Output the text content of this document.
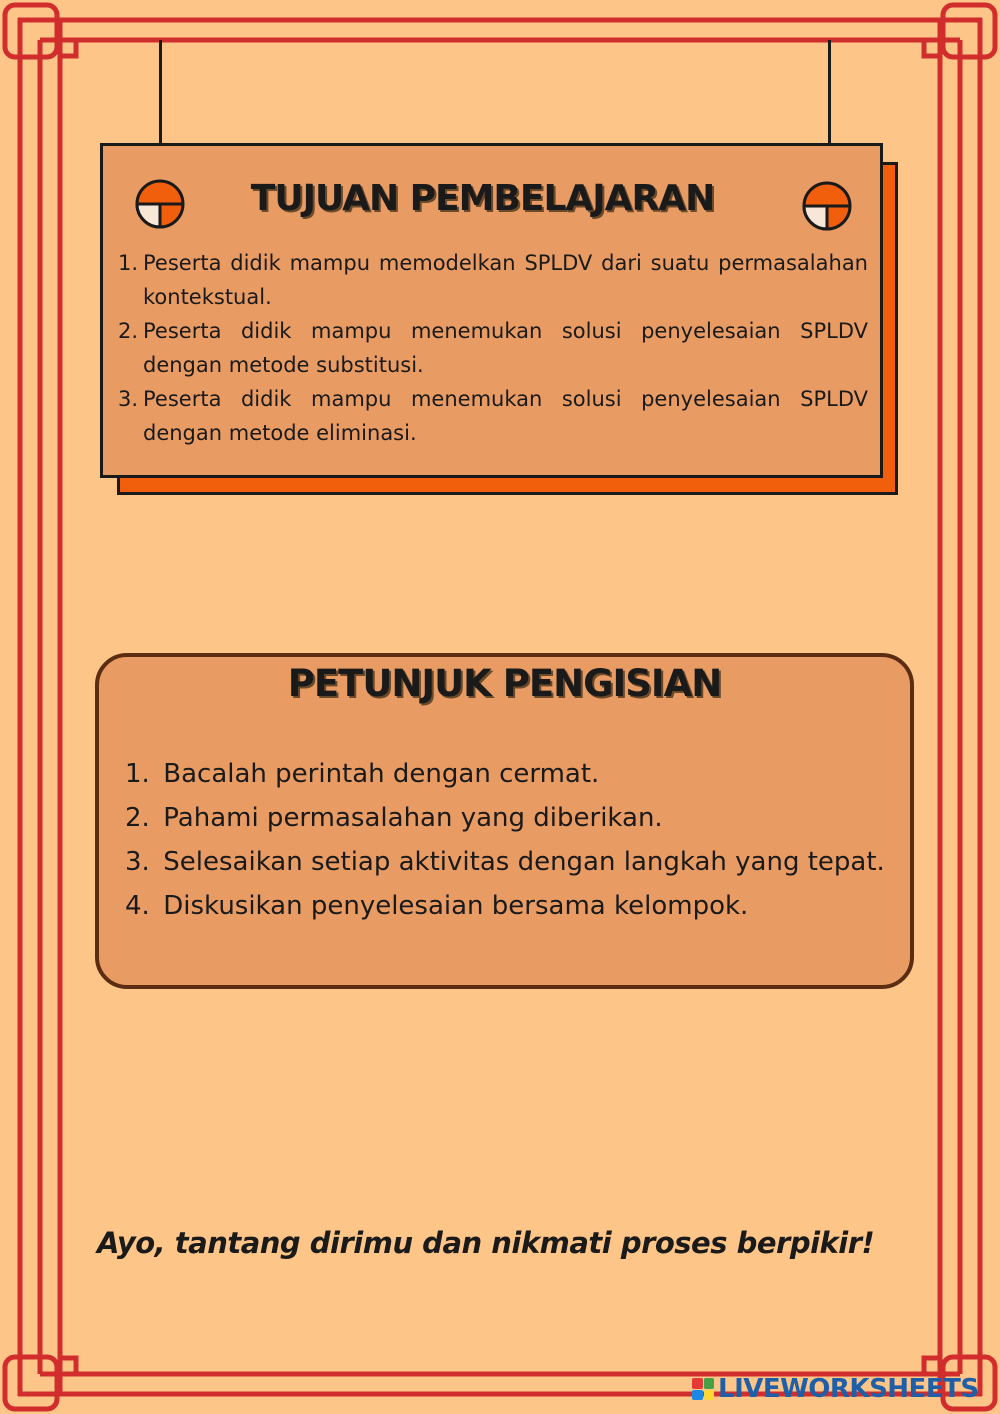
TUJUAN PEMBELAJARAN
1. Peserta didik mampu memodelkan SPLDV dari suatu permasalahan kontekstual.
2. Peserta didik mampu menemukan solusi penyelesaian SPLDV dengan metode substitusi.
3. Peserta didik mampu menemukan solusi penyelesaian SPLDV dengan metode eliminasi.
PETUNJUK PENGISIAN
1. Bacalah perintah dengan cermat.
2. Pahami permasalahan yang diberikan.
3. Selesaikan setiap aktivitas dengan langkah yang tepat.
4. Diskusikan penyelesaian bersama kelompok.
Ayo, tantang dirimu dan nikmati proses berpikir!
LIVEWORKSHEETS
